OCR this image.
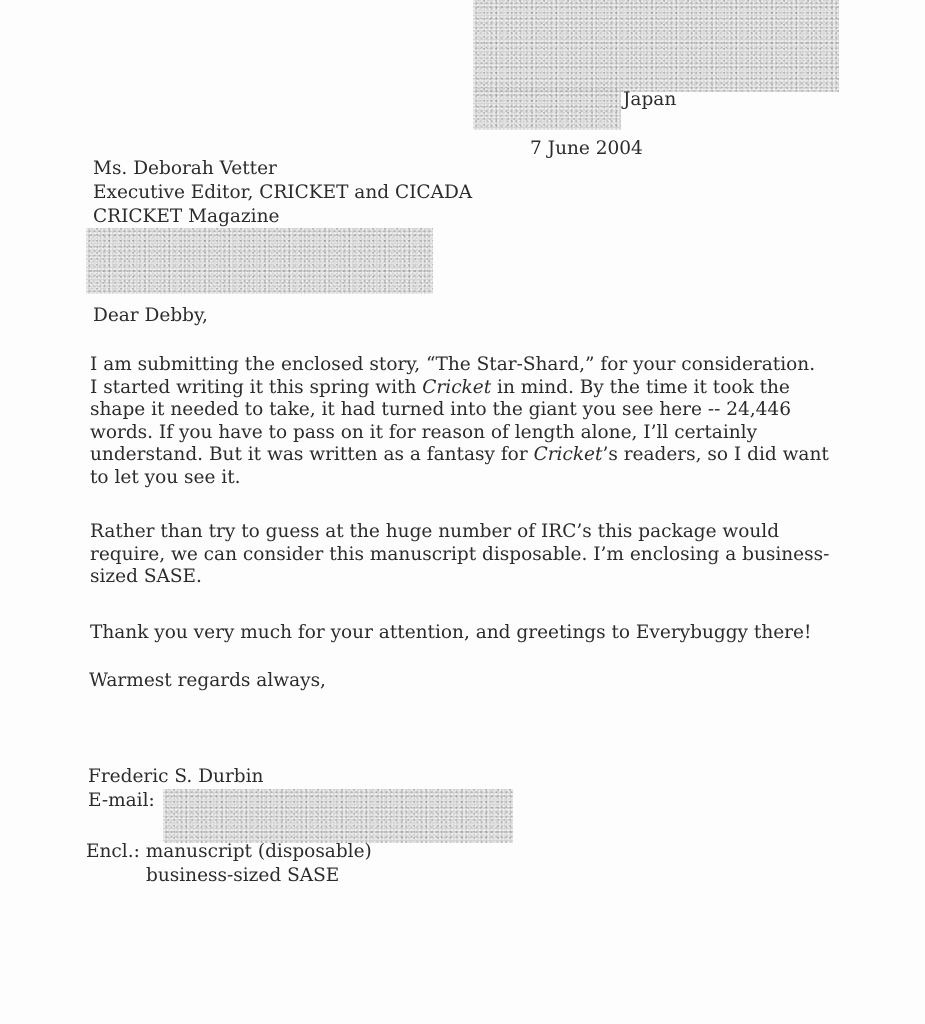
Japan
7 June 2004
Ms. Deborah Vetter
Executive Editor, CRICKET and CICADA
CRICKET Magazine
Dear Debby,
I am submitting the enclosed story, “The Star-Shard,” for your consideration.
I started writing it this spring with Cricket in mind. By the time it took the
shape it needed to take, it had turned into the giant you see here -- 24,446
words. If you have to pass on it for reason of length alone, I’ll certainly
understand. But it was written as a fantasy for Cricket’s readers, so I did want
to let you see it.
Rather than try to guess at the huge number of IRC’s this package would
require, we can consider this manuscript disposable. I’m enclosing a business-
sized SASE.
Thank you very much for your attention, and greetings to Everybuggy there!
Warmest regards always,
Frederic S. Durbin
E-mail:
Encl.: manuscript (disposable)
business-sized SASE
